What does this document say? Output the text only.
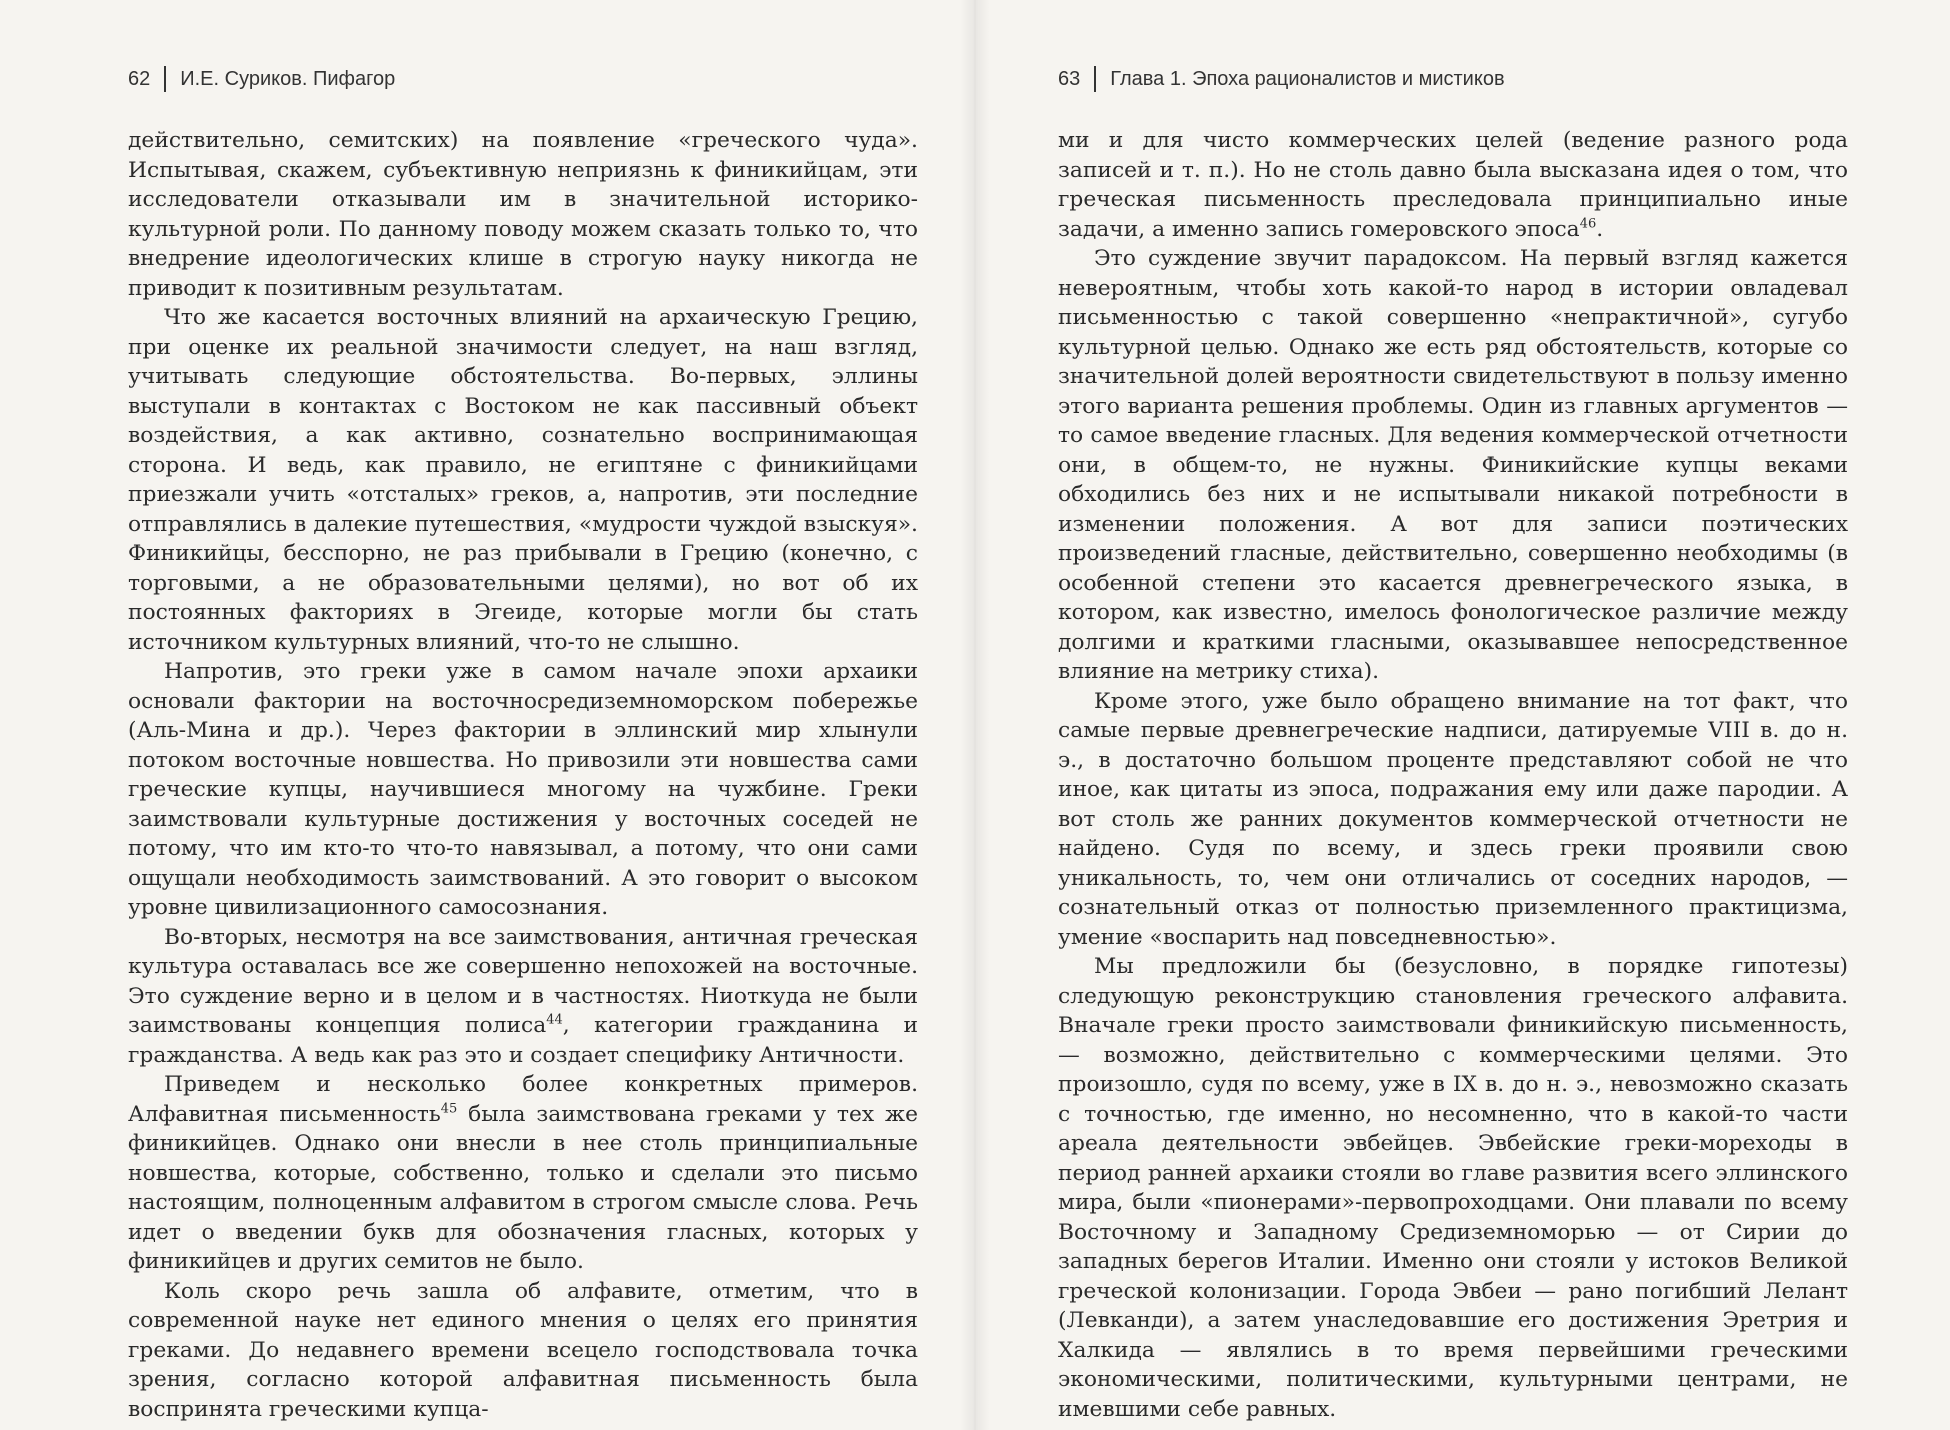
62 И.Е. Суриков. Пифагор

действительно, семитских) на появление «греческого чуда». Испытывая, скажем, субъективную неприязнь к финикийцам, эти исследователи отказывали им в значительной историко-культурной роли. По данному поводу можем сказать только то, что внедрение идеологических клише в строгую науку никогда не приводит к позитивным результатам.

Что же касается восточных влияний на архаическую Грецию, при оценке их реальной значимости следует, на наш взгляд, учитывать следующие обстоятельства. Во-первых, эллины выступали в контактах с Востоком не как пассивный объект воздействия, а как активно, сознательно воспринимающая сторона. И ведь, как правило, не египтяне с финикийцами приезжали учить «отсталых» греков, а, напротив, эти последние отправлялись в далекие путешествия, «мудрости чуждой взыскуя». Финикийцы, бесспорно, не раз прибывали в Грецию (конечно, с торговыми, а не образовательными целями), но вот об их постоянных факториях в Эгеиде, которые могли бы стать источником культурных влияний, что-то не слышно.

Напротив, это греки уже в самом начале эпохи архаики основали фактории на восточносредиземноморском побережье (Аль-Мина и др.). Через фактории в эллинский мир хлынули потоком восточные новшества. Но привозили эти новшества сами греческие купцы, научившиеся многому на чужбине. Греки заимствовали культурные достижения у восточных соседей не потому, что им кто-то что-то навязывал, а потому, что они сами ощущали необходимость заимствований. А это говорит о высоком уровне цивилизационного самосознания.

Во-вторых, несмотря на все заимствования, античная греческая культура оставалась все же совершенно непохожей на восточные. Это суждение верно и в целом и в частностях. Ниоткуда не были заимствованы концепция полиса$^{44}$, категории гражданина и гражданства. А ведь как раз это и создает специфику Античности.

Приведем и несколько более конкретных примеров. Алфавитная письменность$^{45}$ была заимствована греками у тех же финикийцев. Однако они внесли в нее столь принципиальные новшества, которые, собственно, только и сделали это письмо настоящим, полноценным алфавитом в строгом смысле слова. Речь идет о введении букв для обозначения гласных, которых у финикийцев и других семитов не было.

Коль скоро речь зашла об алфавите, отметим, что в современной науке нет единого мнения о целях его принятия греками. До недавнего времени всецело господствовала точка зрения, согласно которой алфавитная письменность была воспринята греческими купца-

63 Глава 1. Эпоха рационалистов и мистиков

ми и для чисто коммерческих целей (ведение разного рода записей и т. п.). Но не столь давно была высказана идея о том, что греческая письменность преследовала принципиально иные задачи, а именно запись гомеровского эпоса$^{46}$.

Это суждение звучит парадоксом. На первый взгляд кажется невероятным, чтобы хоть какой-то народ в истории овладевал письменностью с такой совершенно «непрактичной», сугубо культурной целью. Однако же есть ряд обстоятельств, которые со значительной долей вероятности свидетельствуют в пользу именно этого варианта решения проблемы. Один из главных аргументов — то самое введение гласных. Для ведения коммерческой отчетности они, в общем-то, не нужны. Финикийские купцы веками обходились без них и не испытывали никакой потребности в изменении положения. А вот для записи поэтических произведений гласные, действительно, совершенно необходимы (в особенной степени это касается древнегреческого языка, в котором, как известно, имелось фонологическое различие между долгими и краткими гласными, оказывавшее непосредственное влияние на метрику стиха).

Кроме этого, уже было обращено внимание на тот факт, что самые первые древнегреческие надписи, датируемые VIII в. до н. э., в достаточно большом проценте представляют собой не что иное, как цитаты из эпоса, подражания ему или даже пародии. А вот столь же ранних документов коммерческой отчетности не найдено. Судя по всему, и здесь греки проявили свою уникальность, то, чем они отличались от соседних народов, — сознательный отказ от полностью приземленного практицизма, умение «воспарить над повседневностью».

Мы предложили бы (безусловно, в порядке гипотезы) следующую реконструкцию становления греческого алфавита. Вначале греки просто заимствовали финикийскую письменность, — возможно, действительно с коммерческими целями. Это произошло, судя по всему, уже в IX в. до н. э., невозможно сказать с точностью, где именно, но несомненно, что в какой-то части ареала деятельности эвбейцев. Эвбейские греки-мореходы в период ранней архаики стояли во главе развития всего эллинского мира, были «пионерами»-первопроходцами. Они плавали по всему Восточному и Западному Средиземноморью — от Сирии до западных берегов Италии. Именно они стояли у истоков Великой греческой колонизации. Города Эвбеи — рано погибший Лелант (Левканди), а затем унаследовавшие его достижения Эретрия и Халкида — являлись в то время первейшими греческими экономическими, политическими, культурными центрами, не имевшими себе равных.
